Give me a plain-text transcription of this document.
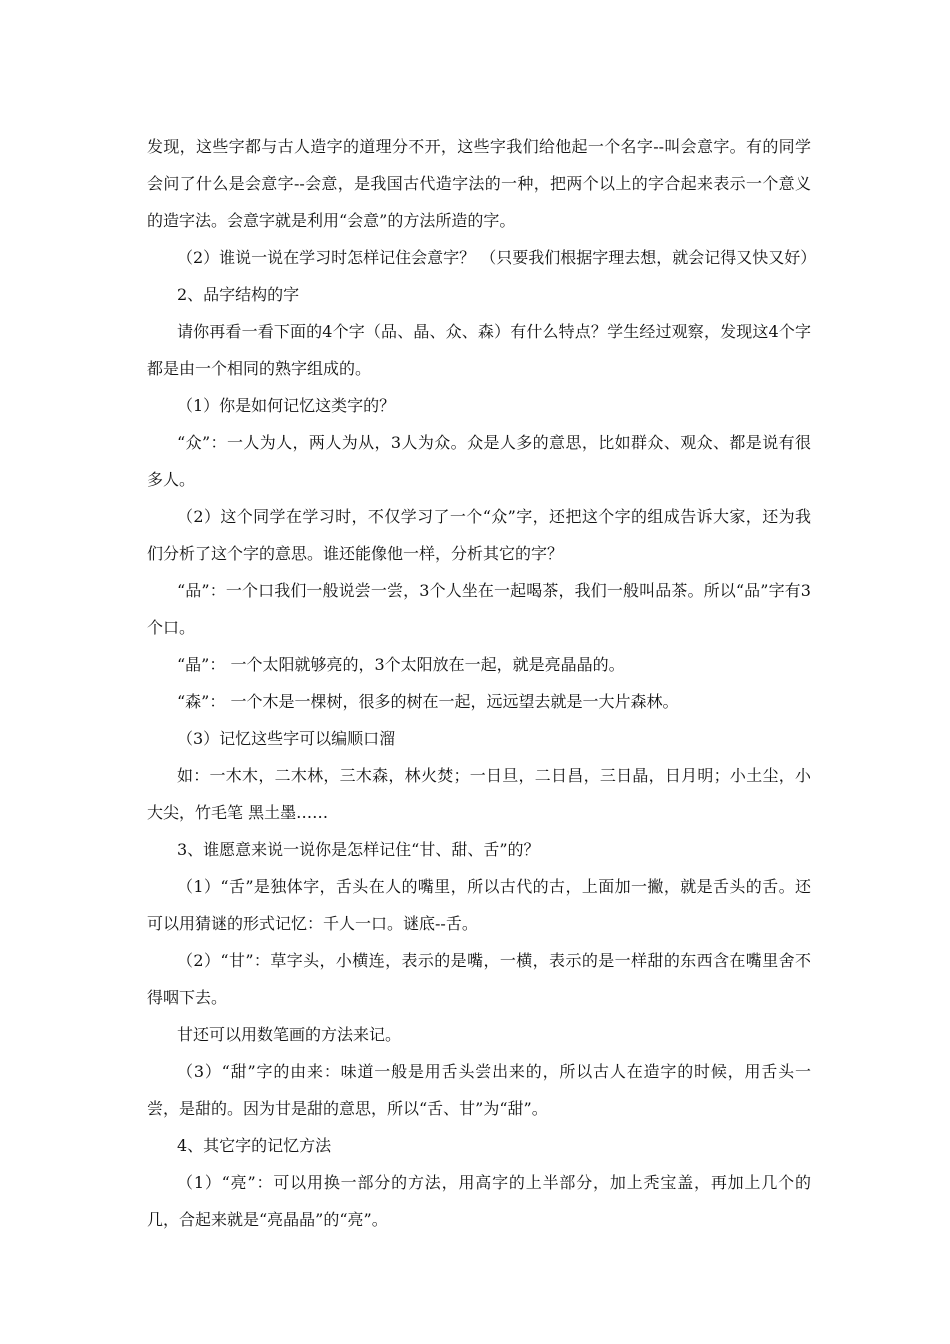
发现，这些字都与古人造字的道理分不开，这些字我们给他起一个名字--叫会意字。有的同学会问了什么是会意字--会意，是我国古代造字法的一种，把两个以上的字合起来表示一个意义的造字法。会意字就是利用“会意”的方法所造的字。

（2）谁说一说在学习时怎样记住会意字？ （只要我们根据字理去想，就会记得又快又好）

2、品字结构的字

请你再看一看下面的4个字（品、晶、众、森）有什么特点？学生经过观察，发现这4个字都是由一个相同的熟字组成的。

（1）你是如何记忆这类字的？

“众”：一人为人，两人为从，3人为众。众是人多的意思，比如群众、观众、都是说有很多人。

（2）这个同学在学习时，不仅学习了一个“众”字，还把这个字的组成告诉大家，还为我们分析了这个字的意思。谁还能像他一样，分析其它的字？

“品”：一个口我们一般说尝一尝，3个人坐在一起喝茶，我们一般叫品茶。所以“品”字有3个口。

“晶”： 一个太阳就够亮的，3个太阳放在一起，就是亮晶晶的。

“森”： 一个木是一棵树，很多的树在一起，远远望去就是一大片森林。

（3）记忆这些字可以编顺口溜

如：一木木，二木林，三木森，林火焚；一日旦，二日昌，三日晶，日月明；小土尘，小大尖，竹毛笔 黑土墨……

3、谁愿意来说一说你是怎样记住“甘、甜、舌”的？

（1）“舌”是独体字，舌头在人的嘴里，所以古代的古，上面加一撇，就是舌头的舌。还可以用猜谜的形式记忆：千人一口。谜底--舌。

（2）“甘”：草字头，小横连，表示的是嘴，一横，表示的是一样甜的东西含在嘴里舍不得咽下去。

甘还可以用数笔画的方法来记。

（3）“甜”字的由来：味道一般是用舌头尝出来的，所以古人在造字的时候，用舌头一尝，是甜的。因为甘是甜的意思，所以“舌、甘”为“甜”。

4、其它字的记忆方法

（1）“亮”：可以用换一部分的方法，用高字的上半部分，加上秃宝盖，再加上几个的几，合起来就是“亮晶晶”的“亮”。
